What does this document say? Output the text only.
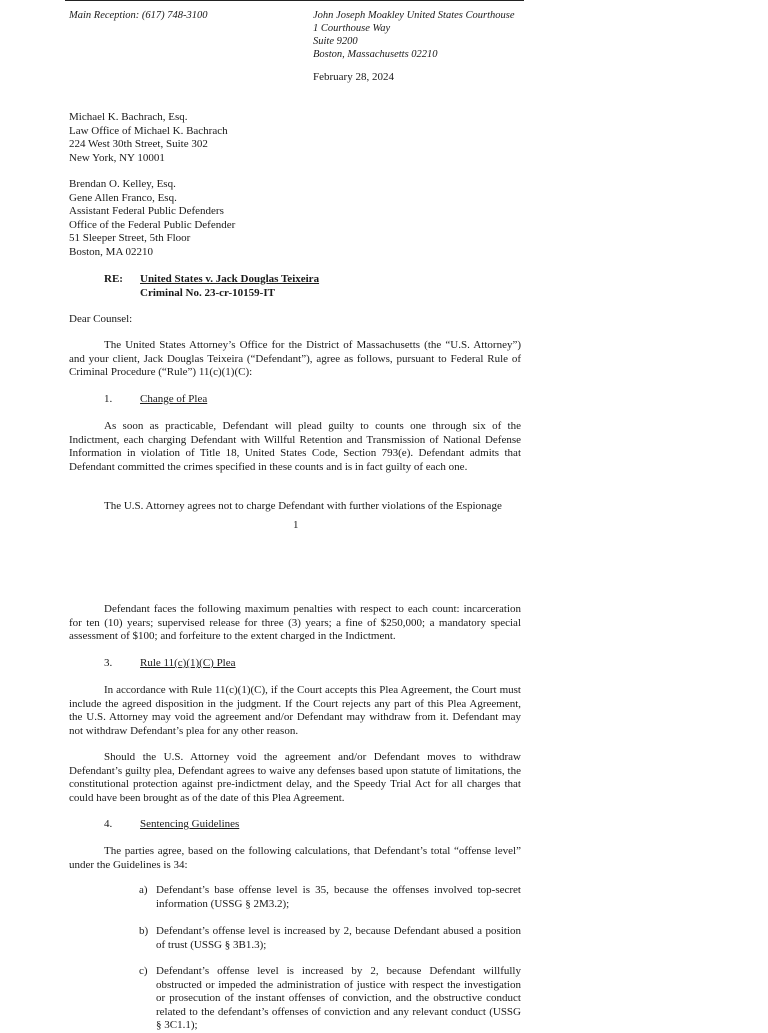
Main Reception: (617) 748-3100	John Joseph Moakley United States Courthouse
1 Courthouse Way
Suite 9200
Boston, Massachusetts 02210
February 28, 2024
Michael K. Bachrach, Esq.
Law Office of Michael K. Bachrach
224 West 30th Street, Suite 302
New York, NY 10001
Brendan O. Kelley, Esq.
Gene Allen Franco, Esq.
Assistant Federal Public Defenders
Office of the Federal Public Defender
51 Sleeper Street, 5th Floor
Boston, MA 02210
RE: United States v. Jack Douglas Teixeira
Criminal No. 23-cr-10159-IT
Dear Counsel:
The United States Attorney’s Office for the District of Massachusetts (the “U.S. Attorney”) and your client, Jack Douglas Teixeira (“Defendant”), agree as follows, pursuant to Federal Rule of Criminal Procedure (“Rule”) 11(c)(1)(C):
1.	Change of Plea
As soon as practicable, Defendant will plead guilty to counts one through six of the Indictment, each charging Defendant with Willful Retention and Transmission of National Defense Information in violation of Title 18, United States Code, Section 793(e). Defendant admits that Defendant committed the crimes specified in these counts and is in fact guilty of each one.
The U.S. Attorney agrees not to charge Defendant with further violations of the Espionage
1
Defendant faces the following maximum penalties with respect to each count: incarceration for ten (10) years; supervised release for three (3) years; a fine of $250,000; a mandatory special assessment of $100; and forfeiture to the extent charged in the Indictment.
3.	Rule 11(c)(1)(C) Plea
In accordance with Rule 11(c)(1)(C), if the Court accepts this Plea Agreement, the Court must include the agreed disposition in the judgment. If the Court rejects any part of this Plea Agreement, the U.S. Attorney may void the agreement and/or Defendant may withdraw from it. Defendant may not withdraw Defendant’s plea for any other reason.
Should the U.S. Attorney void the agreement and/or Defendant moves to withdraw Defendant’s guilty plea, Defendant agrees to waive any defenses based upon statute of limitations, the constitutional protection against pre-indictment delay, and the Speedy Trial Act for all charges that could have been brought as of the date of this Plea Agreement.
4.	Sentencing Guidelines
The parties agree, based on the following calculations, that Defendant’s total “offense level” under the Guidelines is 34:
a) Defendant’s base offense level is 35, because the offenses involved top-secret information (USSG § 2M3.2);
b) Defendant’s offense level is increased by 2, because Defendant abused a position of trust (USSG § 3B1.3);
c) Defendant’s offense level is increased by 2, because Defendant willfully obstructed or impeded the administration of justice with respect the investigation or prosecution of the instant offenses of conviction, and the obstructive conduct related to the defendant’s offenses of conviction and any relevant conduct (USSG § 3C1.1);
